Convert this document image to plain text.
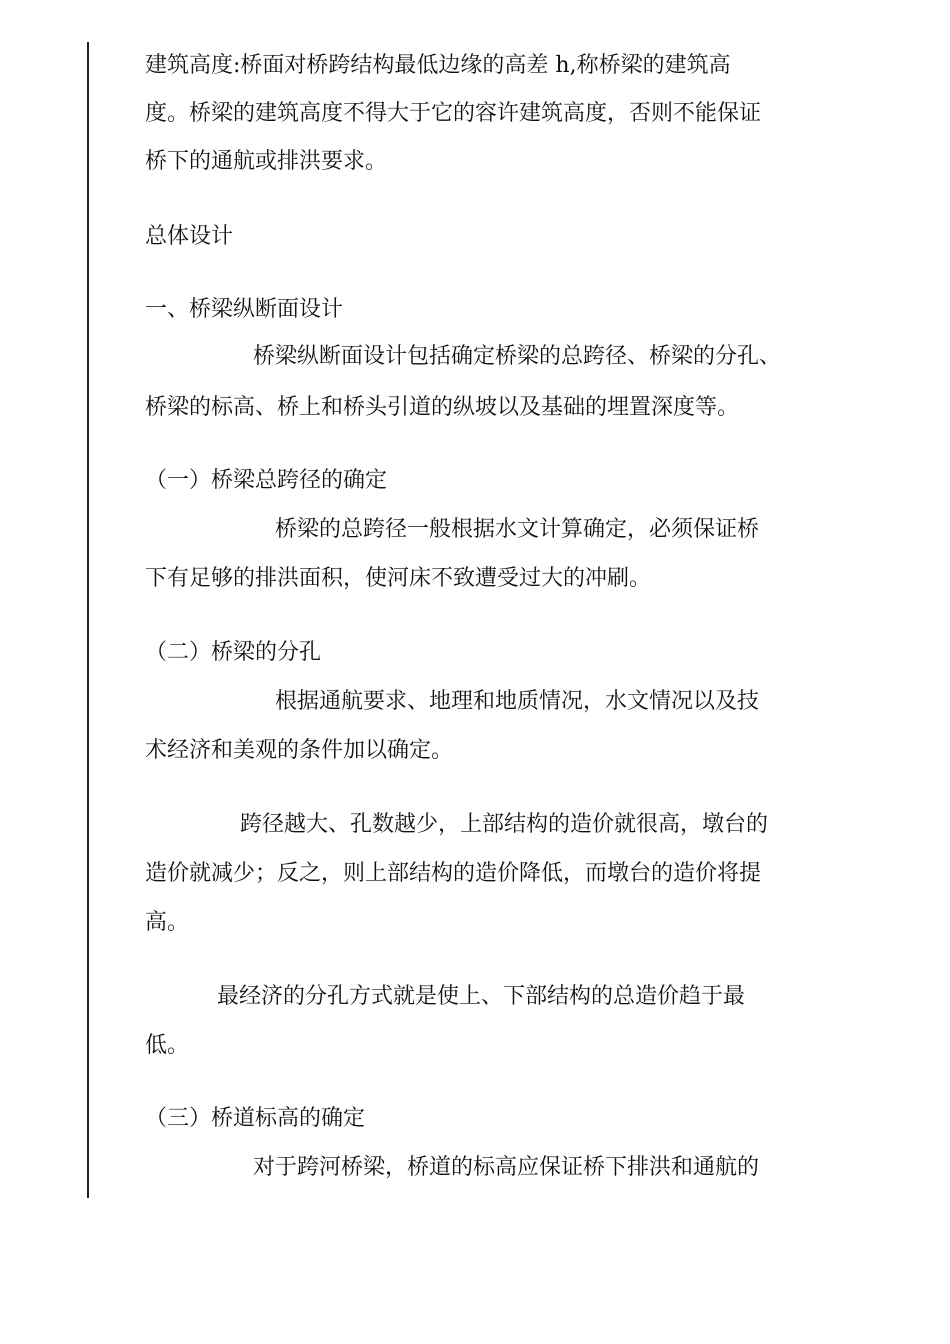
建筑高度:桥面对桥跨结构最低边缘的高差 h,称桥梁的建筑高
度。桥梁的建筑高度不得大于它的容许建筑高度，否则不能保证
桥下的通航或排洪要求。
总体设计
一、桥梁纵断面设计
桥梁纵断面设计包括确定桥梁的总跨径、桥梁的分孔、
桥梁的标高、桥上和桥头引道的纵坡以及基础的埋置深度等。
（一）桥梁总跨径的确定
桥梁的总跨径一般根据水文计算确定，必须保证桥
下有足够的排洪面积，使河床不致遭受过大的冲刷。
（二）桥梁的分孔
根据通航要求、地理和地质情况，水文情况以及技
术经济和美观的条件加以确定。
跨径越大、孔数越少，上部结构的造价就很高，墩台的
造价就减少；反之，则上部结构的造价降低，而墩台的造价将提
高。
最经济的分孔方式就是使上、下部结构的总造价趋于最
低。
（三）桥道标高的确定
对于跨河桥梁，桥道的标高应保证桥下排洪和通航的
